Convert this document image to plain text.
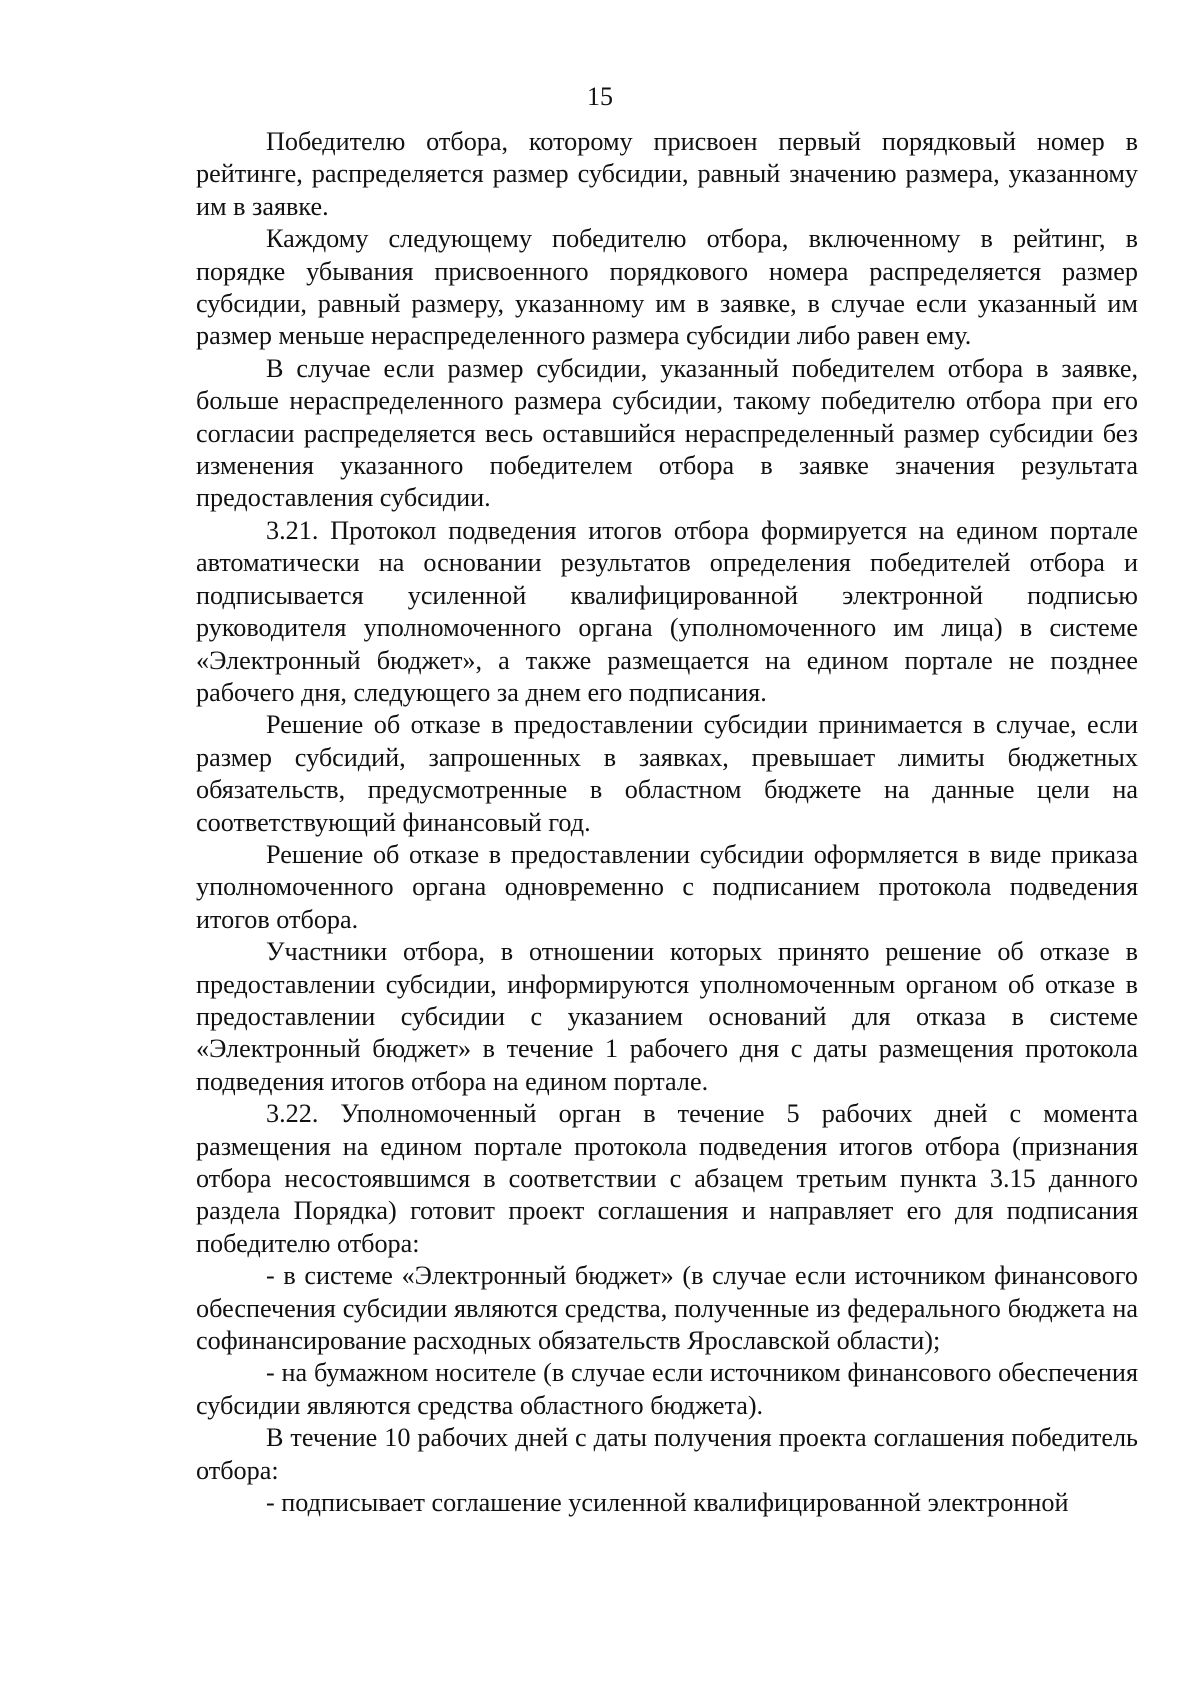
15

Победителю отбора, которому присвоен первый порядковый номер в рейтинге, распределяется размер субсидии, равный значению размера, указанному им в заявке.

Каждому следующему победителю отбора, включенному в рейтинг, в порядке убывания присвоенного порядкового номера распределяется размер субсидии, равный размеру, указанному им в заявке, в случае если указанный им размер меньше нераспределенного размера субсидии либо равен ему.

В случае если размер субсидии, указанный победителем отбора в заявке, больше нераспределенного размера субсидии, такому победителю отбора при его согласии распределяется весь оставшийся нераспределенный размер субсидии без изменения указанного победителем отбора в заявке значения результата предоставления субсидии.

3.21. Протокол подведения итогов отбора формируется на едином портале автоматически на основании результатов определения победителей отбора и подписывается усиленной квалифицированной электронной подписью руководителя уполномоченного органа (уполномоченного им лица) в системе «Электронный бюджет», а также размещается на едином портале не позднее рабочего дня, следующего за днем его подписания.

Решение об отказе в предоставлении субсидии принимается в случае, если размер субсидий, запрошенных в заявках, превышает лимиты бюджетных обязательств, предусмотренные в областном бюджете на данные цели на соответствующий финансовый год.

Решение об отказе в предоставлении субсидии оформляется в виде приказа уполномоченного органа одновременно с подписанием протокола подведения итогов отбора.

Участники отбора, в отношении которых принято решение об отказе в предоставлении субсидии, информируются уполномоченным органом об отказе в предоставлении субсидии с указанием оснований для отказа в системе «Электронный бюджет» в течение 1 рабочего дня с даты размещения протокола подведения итогов отбора на едином портале.

3.22. Уполномоченный орган в течение 5 рабочих дней с момента размещения на едином портале протокола подведения итогов отбора (признания отбора несостоявшимся в соответствии с абзацем третьим пункта 3.15 данного раздела Порядка) готовит проект соглашения и направляет его для подписания победителю отбора:

- в системе «Электронный бюджет» (в случае если источником финансового обеспечения субсидии являются средства, полученные из федерального бюджета на софинансирование расходных обязательств Ярославской области);

- на бумажном носителе (в случае если источником финансового обеспечения субсидии являются средства областного бюджета).

В течение 10 рабочих дней с даты получения проекта соглашения победитель отбора:

- подписывает соглашение усиленной квалифицированной электронной
